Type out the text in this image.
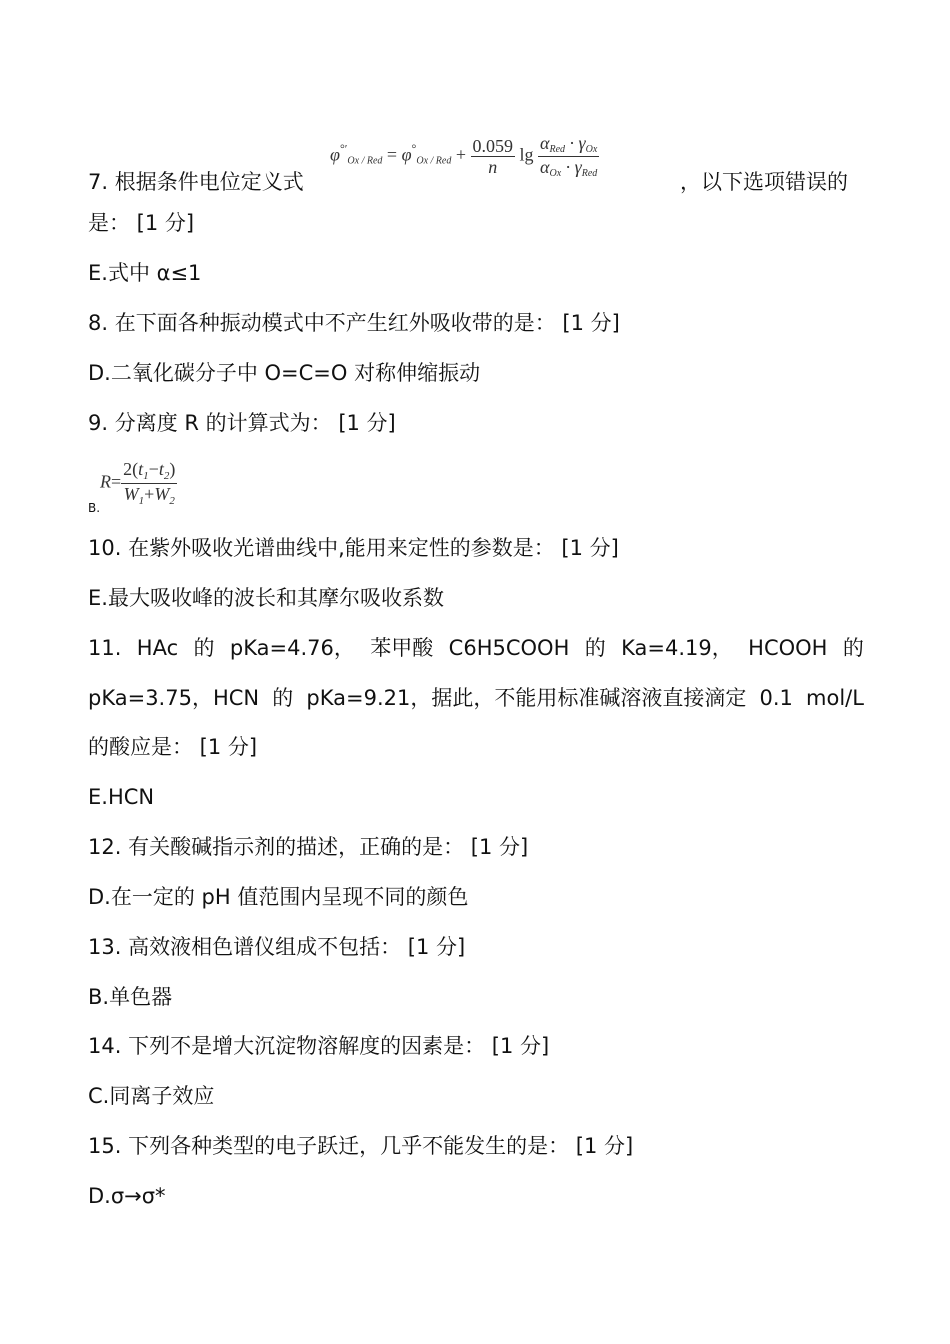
7. 根据条件电位定义式
φ°′Ox / Red = φ°Ox / Red + $\frac{0.059}{n}$ $\lg \frac{\text{αRed · γOx}}{\text{αOx · γRed}}$
，以下选项错误的
是： [1 分]
E.式中 α≤1
8. 在下面各种振动模式中不产生红外吸收带的是： [1 分]
D.二氧化碳分子中 O=C=O 对称伸缩振动
9. 分离度 R 的计算式为： [1 分]
B.
$R= \frac{2(t_1-t_2)}{W_1+W_2}$
10. 在紫外吸收光谱曲线中,能用来定性的参数是： [1 分]
E.最大吸收峰的波长和其摩尔吸收系数
11. HAc 的 pKa=4.76， 苯甲酸 C6H5COOH 的 Ka=4.19， HCOOH 的
pKa=3.75，HCN 的 pKa=9.21，据此，不能用标准碱溶液直接滴定 0.1 mol/L
的酸应是： [1 分]
E.HCN
12. 有关酸碱指示剂的描述，正确的是： [1 分]
D.在一定的 pH 值范围内呈现不同的颜色
13. 高效液相色谱仪组成不包括： [1 分]
B.单色器
14. 下列不是增大沉淀物溶解度的因素是： [1 分]
C.同离子效应
15. 下列各种类型的电子跃迁，几乎不能发生的是： [1 分]
D.σ→σ*
